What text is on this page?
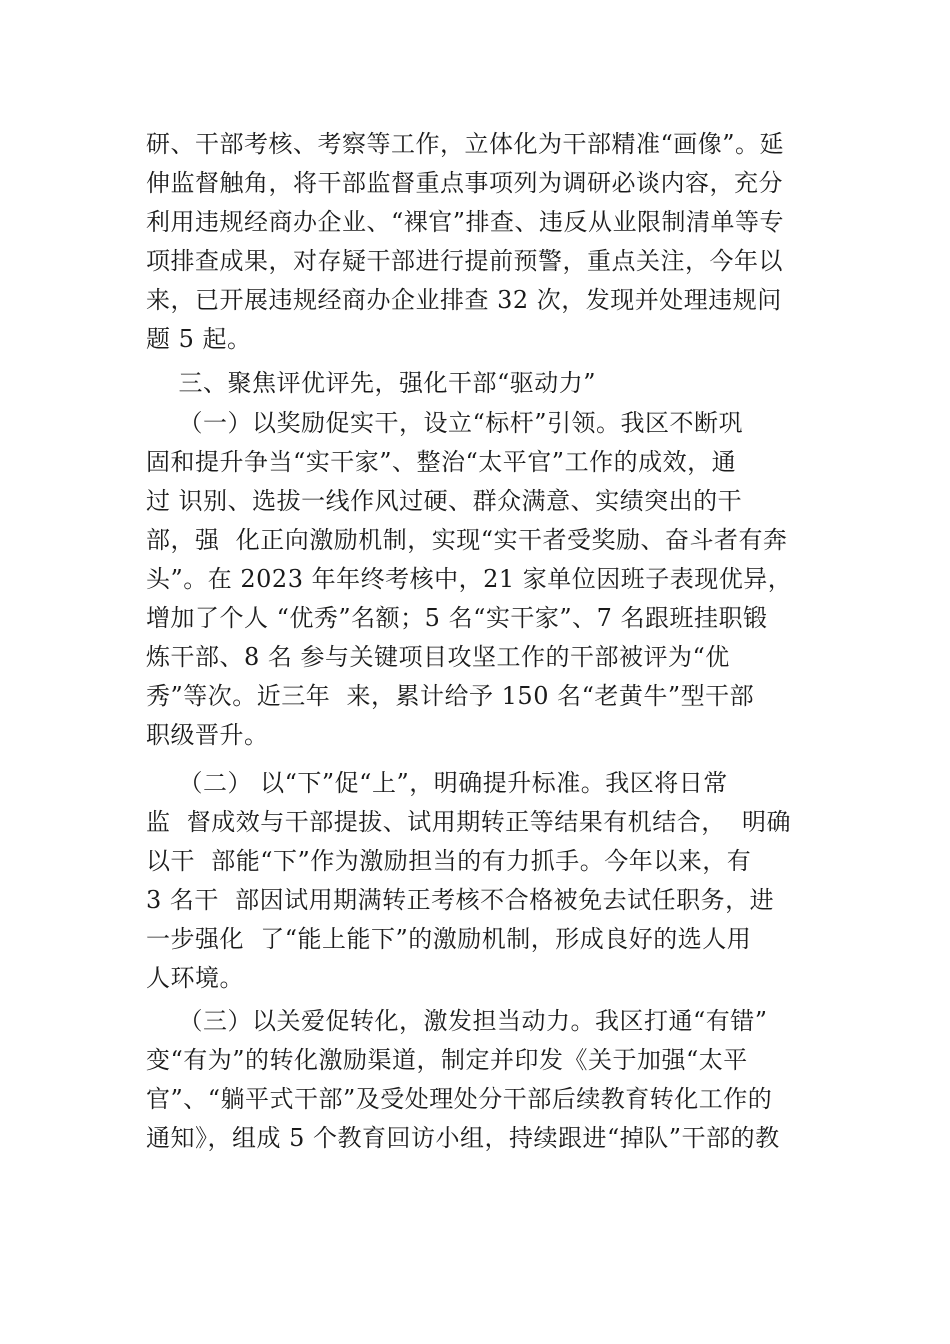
研、干部考核、考察等工作，立体化为干部精准“画像”。延
伸监督触角，将干部监督重点事项列为调研必谈内容，充分
利用违规经商办企业、“裸官”排查、违反从业限制清单等专
项排查成果，对存疑干部进行提前预警，重点关注，今年以
来，已开展违规经商办企业排查 32 次，发现并处理违规问
题 5 起。
三、聚焦评优评先，强化干部“驱动力”
（一）以奖励促实干，设立“标杆”引领。我区不断巩
固和提升争当“实干家”、整治“太平官”工作的成效，通
过 识别、选拔一线作风过硬、群众满意、实绩突出的干
部，强  化正向激励机制，实现“实干者受奖励、奋斗者有奔
头”。在 2023 年年终考核中，21 家单位因班子表现优异，
增加了个人 “优秀”名额；5 名“实干家”、7 名跟班挂职锻
炼干部、8 名 参与关键项目攻坚工作的干部被评为“优
秀”等次。近三年  来，累计给予 150 名“老黄牛”型干部
职级晋升。
（二） 以“下”促“上”，明确提升标准。我区将日常
监  督成效与干部提拔、试用期转正等结果有机结合，  明确
以干  部能“下”作为激励担当的有力抓手。今年以来，有
3 名干  部因试用期满转正考核不合格被免去试任职务，进
一步强化  了“能上能下”的激励机制，形成良好的选人用
人环境。
（三）以关爱促转化，激发担当动力。我区打通“有错”
变“有为”的转化激励渠道，制定并印发《关于加强“太平
官”、“躺平式干部”及受处理处分干部后续教育转化工作的
通知》，组成 5 个教育回访小组，持续跟进“掉队”干部的教
